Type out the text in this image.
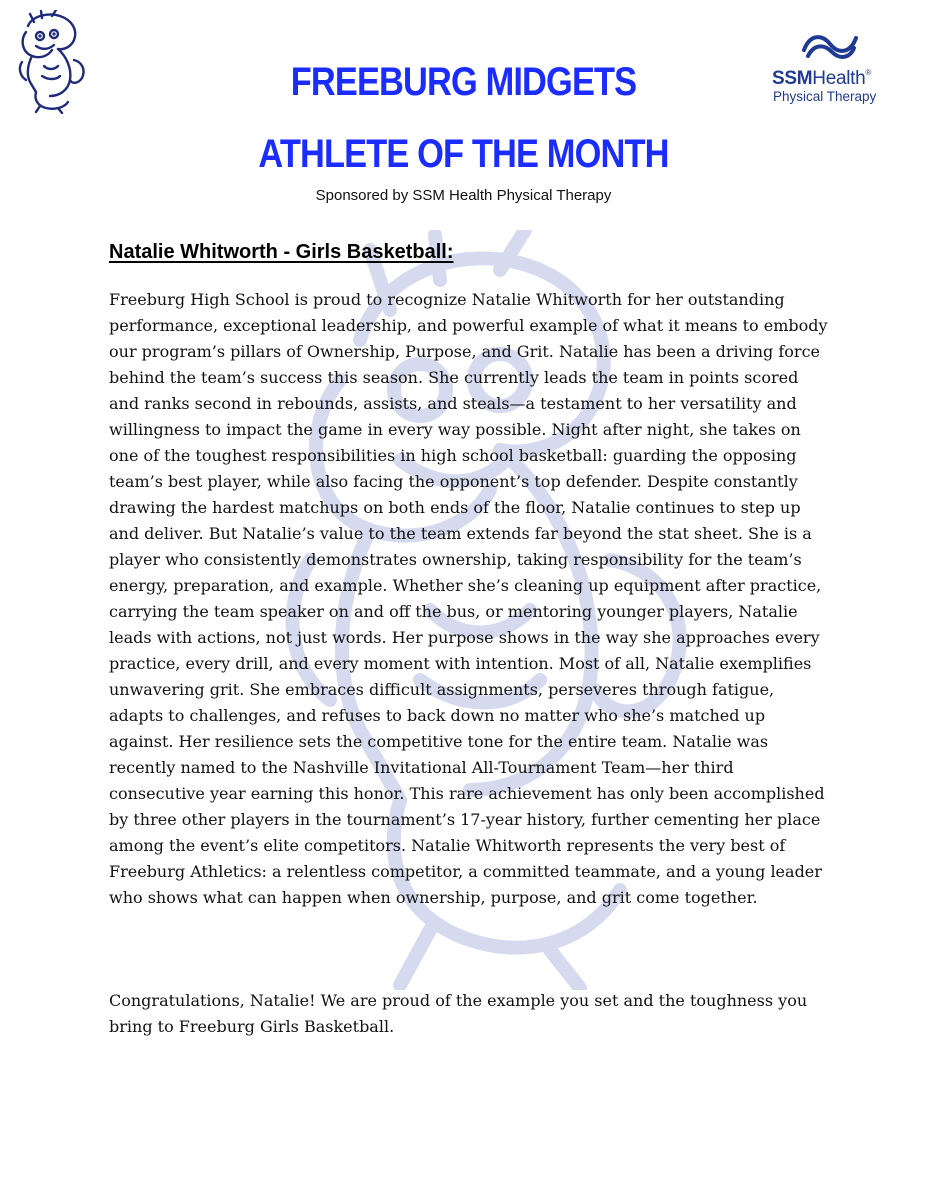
SSMHealth®
Physical Therapy
FREEBURG MIDGETS
ATHLETE OF THE MONTH
Sponsored by SSM Health Physical Therapy
Natalie Whitworth - Girls Basketball:

Freeburg High School is proud to recognize Natalie Whitworth for her outstanding performance, exceptional leadership, and powerful example of what it means to embody our program’s pillars of Ownership, Purpose, and Grit. Natalie has been a driving force behind the team’s success this season. She currently leads the team in points scored and ranks second in rebounds, assists, and steals—a testament to her versatility and willingness to impact the game in every way possible. Night after night, she takes on one of the toughest responsibilities in high school basketball: guarding the opposing team’s best player, while also facing the opponent’s top defender. Despite constantly drawing the hardest matchups on both ends of the floor, Natalie continues to step up and deliver. But Natalie’s value to the team extends far beyond the stat sheet. She is a player who consistently demonstrates ownership, taking responsibility for the team’s energy, preparation, and example. Whether she’s cleaning up equipment after practice, carrying the team speaker on and off the bus, or mentoring younger players, Natalie leads with actions, not just words. Her purpose shows in the way she approaches every practice, every drill, and every moment with intention. Most of all, Natalie exemplifies unwavering grit. She embraces difficult assignments, perseveres through fatigue, adapts to challenges, and refuses to back down no matter who she’s matched up against. Her resilience sets the competitive tone for the entire team. Natalie was recently named to the Nashville Invitational All-Tournament Team—her third consecutive year earning this honor. This rare achievement has only been accomplished by three other players in the tournament’s 17-year history, further cementing her place among the event’s elite competitors. Natalie Whitworth represents the very best of Freeburg Athletics: a relentless competitor, a committed teammate, and a young leader who shows what can happen when ownership, purpose, and grit come together.

Congratulations, Natalie! We are proud of the example you set and the toughness you bring to Freeburg Girls Basketball.
